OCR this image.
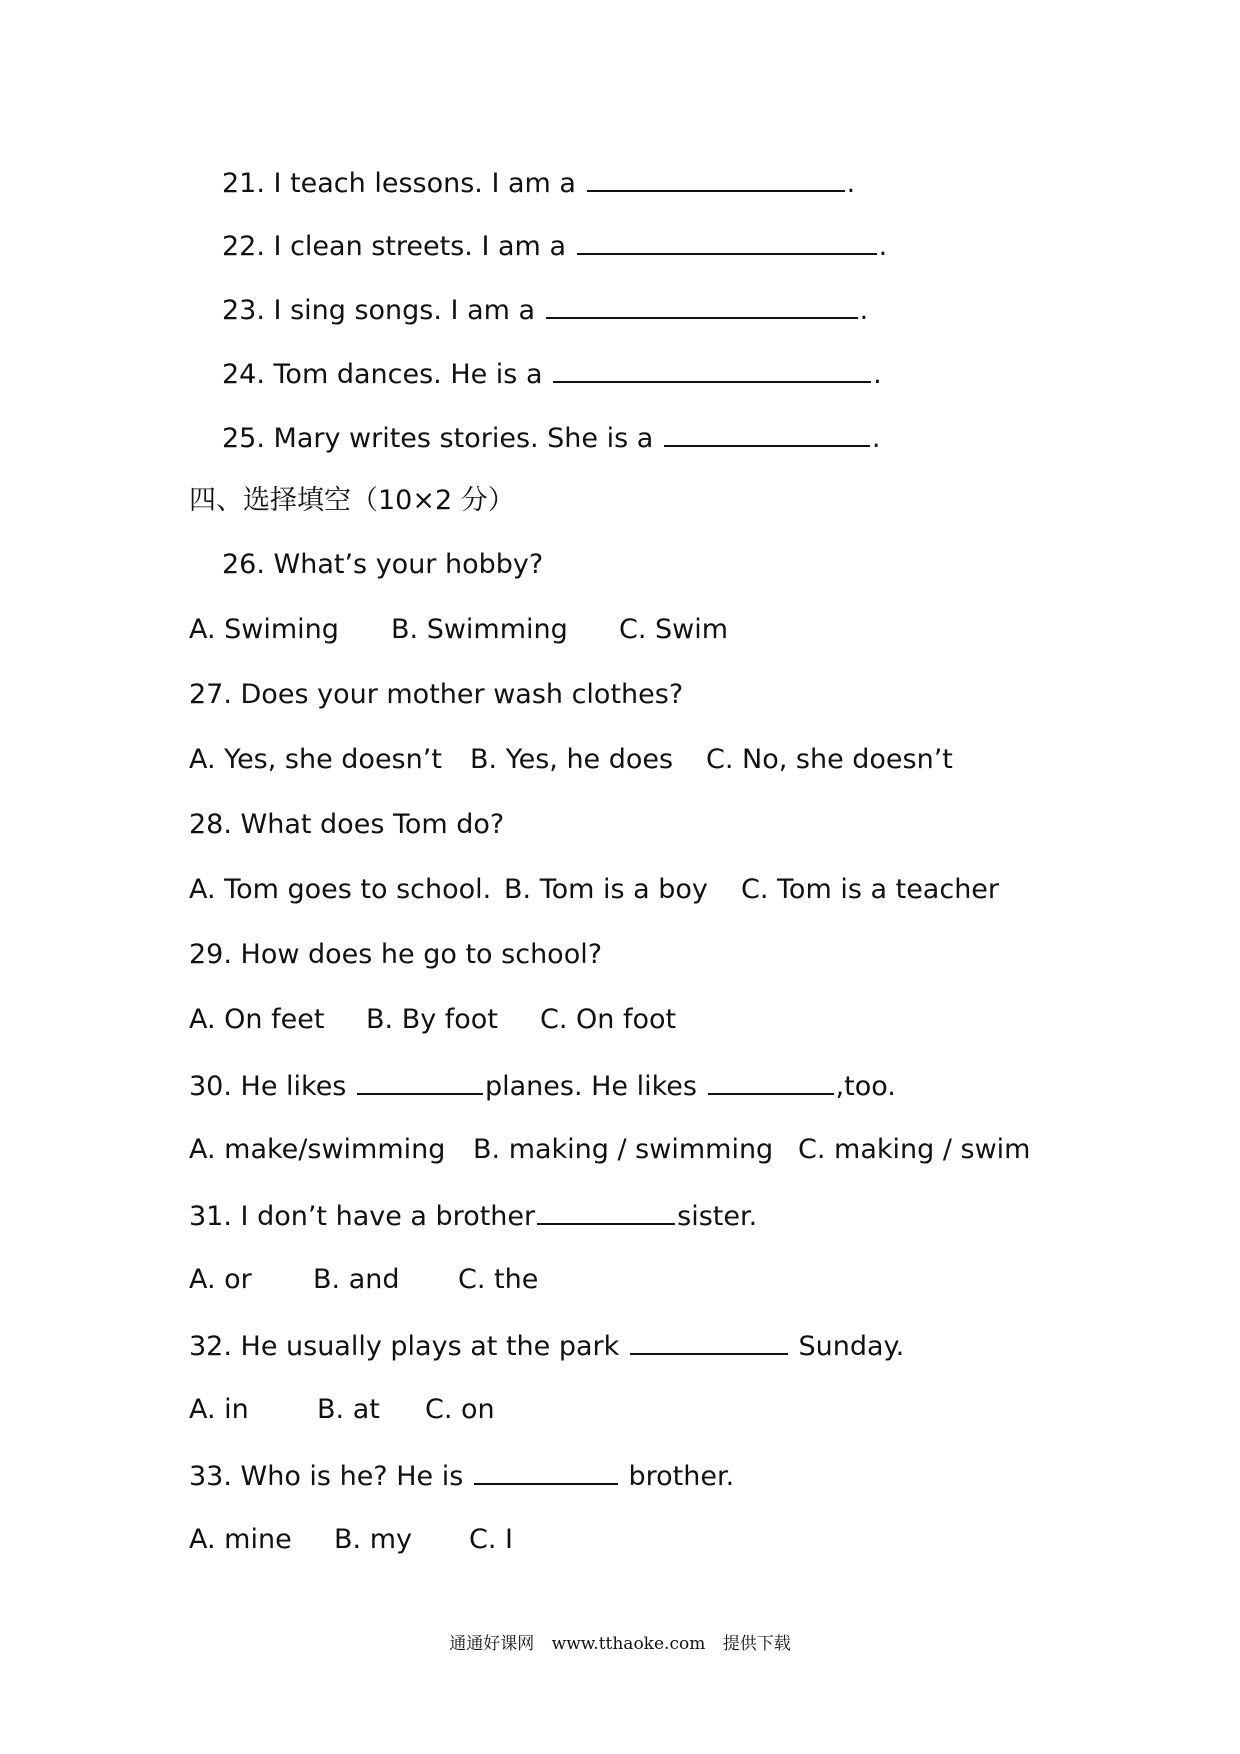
21. I teach lessons. I am a	.
22. I clean streets. I am a	.
23. I sing songs. I am a	.
24. Tom dances. He is a	.
25. Mary writes stories. She is a	.
四、选择填空（10×2 分）
26. What’s your hobby?
A. Swiming B. Swimming C. Swim
27. Does your mother wash clothes?
A. Yes, she doesn’t B. Yes, he does C. No, she doesn’t
28. What does Tom do?
A. Tom goes to school. B. Tom is a boy C. Tom is a teacher
29. How does he go to school?
A. On feet B. By foot C. On foot
30. He likes	planes. He likes	,too.
A. make/swimming B. making / swimming C. making / swim
31. I don’t have a brother	sister.
A. or B. and C. the
32. He usually plays at the park	Sunday.
A. in	B. at C. on
33. Who is he? He is	brother.
A. mine B. my C. I
通通好课网 www.tthaoke.com 提供下载
